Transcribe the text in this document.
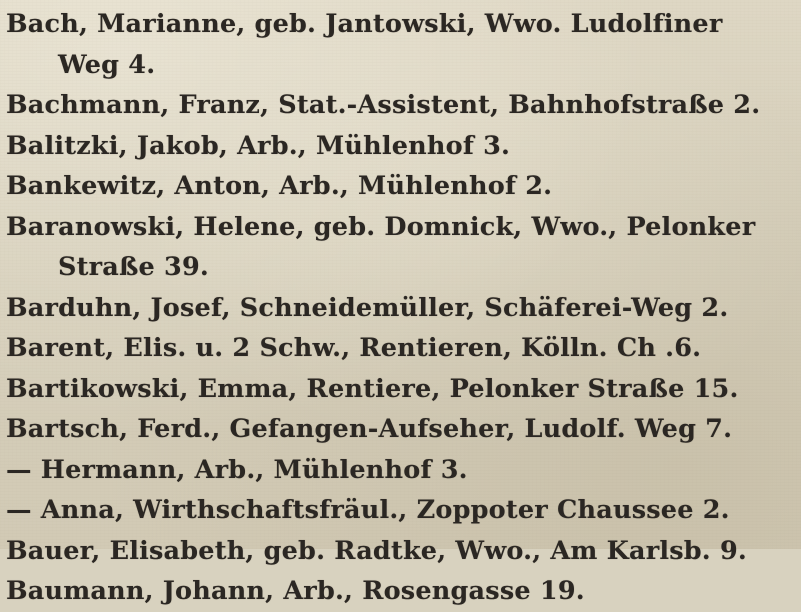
Bach, Marianne, geb. Jantowski, Wwo. Ludolfiner
Weg 4.
Bachmann, Franz, Stat.-Assistent, Bahnhofstraße 2.
Balitzki, Jakob, Arb., Mühlenhof 3.
Bankewitz, Anton, Arb., Mühlenhof 2.
Baranowski, Helene, geb. Domnick, Wwo., Pelonker
Straße 39.
Barduhn, Josef, Schneidemüller, Schäferei-Weg 2.
Barent, Elis. u. 2 Schw., Rentieren, Kölln. Ch .6.
Bartikowski, Emma, Rentiere, Pelonker Straße 15.
Bartsch, Ferd., Gefangen-Aufseher, Ludolf. Weg 7.
— Hermann, Arb., Mühlenhof 3.
— Anna, Wirthschaftsfräul., Zoppoter Chaussee 2.
Bauer, Elisabeth, geb. Radtke, Wwo., Am Karlsb. 9.
Baumann, Johann, Arb., Rosengasse 19.
